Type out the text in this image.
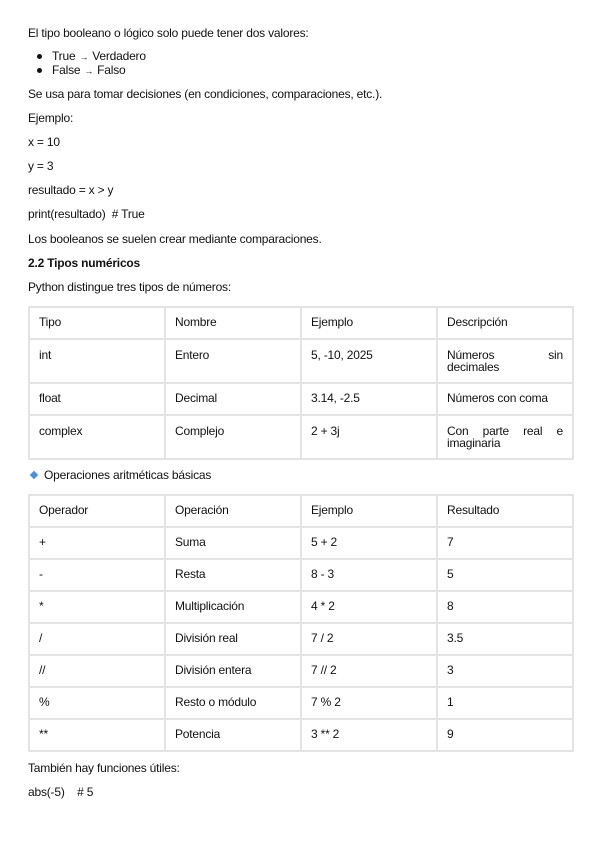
El tipo booleano o lógico solo puede tener dos valores:
True → Verdadero
False → Falso
Se usa para tomar decisiones (en condiciones, comparaciones, etc.).
Ejemplo:
x = 10
y = 3
resultado = x > y
print(resultado)  # True
Los booleanos se suelen crear mediante comparaciones.
2.2 Tipos numéricos
Python distingue tres tipos de números:
Tipo	Nombre	Ejemplo	Descripción
int	Entero	5, -10, 2025	Números sin decimales
float	Decimal	3.14, -2.5	Números con coma
complex	Complejo	2 + 3j	Con parte real e imaginaria
Operaciones aritméticas básicas
Operador	Operación	Ejemplo	Resultado
+	Suma	5 + 2	7
-	Resta	8 - 3	5
*	Multiplicación	4 * 2	8
/	División real	7 / 2	3.5
//	División entera	7 // 2	3
%	Resto o módulo	7 % 2	1
**	Potencia	3 ** 2	9
También hay funciones útiles:
abs(-5)    # 5
